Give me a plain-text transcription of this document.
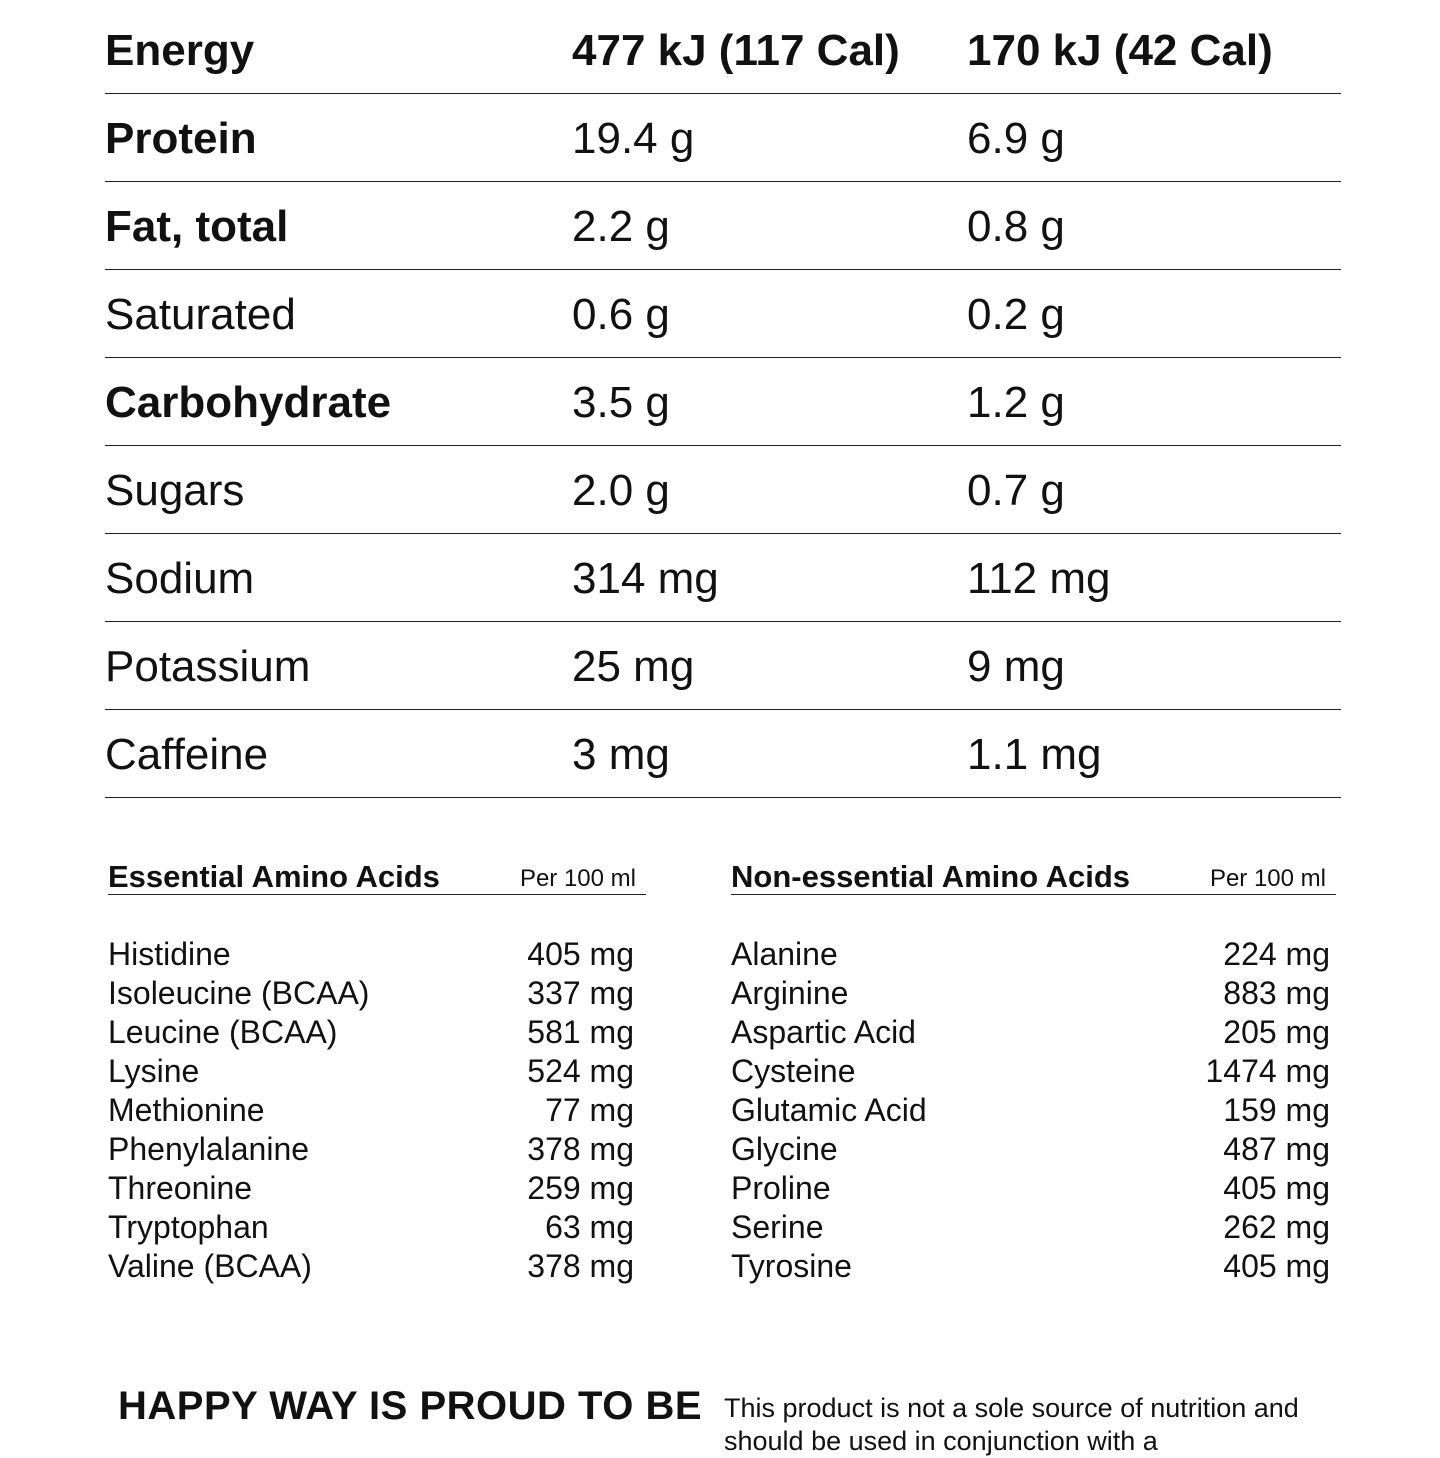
Energy	477 kJ (117 Cal) 170 kJ (42 Cal)
Protein	19.4 g	6.9 g
Fat, total	2.2 g	0.8 g
Saturated	0.6 g	0.2 g
Carbohydrate	3.5 g	1.2 g
Sugars	2.0 g	0.7 g
Sodium	314 mg	112 mg
Potassium	25 mg	9 mg
Caffeine	3 mg	1.1 mg
Essential Amino Acids	Per 100 ml
Histidine	405 mg
Isoleucine (BCAA)	337 mg
Leucine (BCAA)	581 mg
Lysine	524 mg
Methionine	77 mg
Phenylalanine	378 mg
Threonine	259 mg
Tryptophan	63 mg
Valine (BCAA)	378 mg
Non-essential Amino Acids	Per 100 ml
Alanine	224 mg
Arginine	883 mg
Aspartic Acid	205 mg
Cysteine	1474 mg
Glutamic Acid	159 mg
Glycine	487 mg
Proline	405 mg
Serine	262 mg
Tyrosine	405 mg
HAPPY WAY IS PROUD TO BE This product is not a sole source of nutrition and should be used in conjunction with a
